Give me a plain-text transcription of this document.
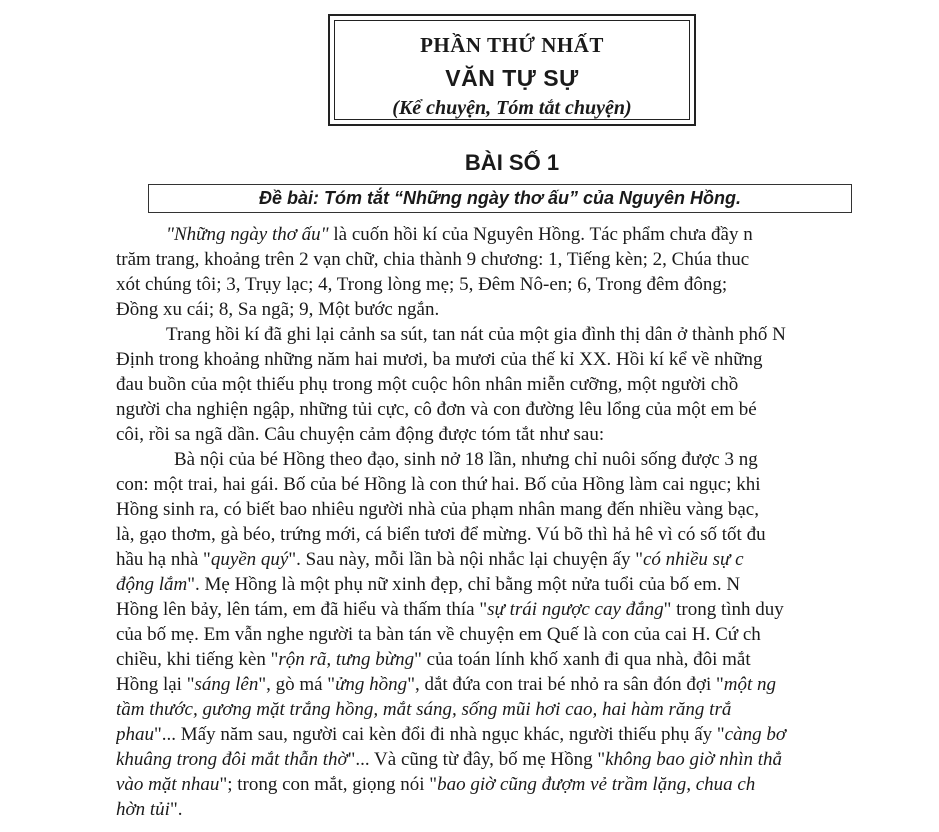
PHẦN THỨ NHẤT
VĂN TỰ SỰ
(Kể chuyện, Tóm tắt chuyện)
BÀI SỐ 1
Đề bài: Tóm tắt “Những ngày thơ ấu” của Nguyên Hồng.
"Những ngày thơ ấu" là cuốn hồi kí của Nguyên Hồng. Tác phẩm chưa đầy n
trăm trang, khoảng trên 2 vạn chữ, chia thành 9 chương: 1, Tiếng kèn; 2, Chúa thuc
xót chúng tôi; 3, Trụy lạc; 4, Trong lòng mẹ; 5, Đêm Nô-en; 6, Trong đêm đông;
Đồng xu cái; 8, Sa ngã; 9, Một bước ngắn.
Trang hồi kí đã ghi lại cảnh sa sút, tan nát của một gia đình thị dân ở thành phố N
Định trong khoảng những năm hai mươi, ba mươi của thế kỉ XX. Hồi kí kể về những
đau buồn của một thiếu phụ trong một cuộc hôn nhân miễn cưỡng, một người chồ
người cha nghiện ngập, những tủi cực, cô đơn và con đường lêu lổng của một em bé
côi, rồi sa ngã dần. Câu chuyện cảm động được tóm tắt như sau:
Bà nội của bé Hồng theo đạo, sinh nở 18 lần, nhưng chỉ nuôi sống được 3 ng
con: một trai, hai gái. Bố của bé Hồng là con thứ hai. Bố của Hồng làm cai ngục; khi
Hồng sinh ra, có biết bao nhiêu người nhà của phạm nhân mang đến nhiều vàng bạc,
là, gạo thơm, gà béo, trứng mới, cá biển tươi để mừng. Vú bõ thì hả hê vì có số tốt đu
hầu hạ nhà "quyền quý". Sau này, mỗi lần bà nội nhắc lại chuyện ấy "có nhiều sự c
động lắm". Mẹ Hồng là một phụ nữ xinh đẹp, chỉ bằng một nửa tuổi của bố em. N
Hồng lên bảy, lên tám, em đã hiểu và thấm thía "sự trái ngược cay đắng" trong tình duy
của bố mẹ. Em vẫn nghe người ta bàn tán về chuyện em Quế là con của cai H. Cứ ch
chiều, khi tiếng kèn "rộn rã, tưng bừng" của toán lính khố xanh đi qua nhà, đôi mắt
Hồng lại "sáng lên", gò má "ửng hồng", dắt đứa con trai bé nhỏ ra sân đón đợi "một ng
tầm thước, gương mặt trắng hồng, mắt sáng, sống mũi hơi cao, hai hàm răng trắ
phau"... Mấy năm sau, người cai kèn đổi đi nhà ngục khác, người thiếu phụ ấy "càng bơ
khuâng trong đôi mắt thẫn thờ"... Và cũng từ đây, bố mẹ Hồng "không bao giờ nhìn thẳ
vào mặt nhau"; trong con mắt, giọng nói "bao giờ cũng đượm vẻ trầm lặng, chua ch
hờn tủi".
